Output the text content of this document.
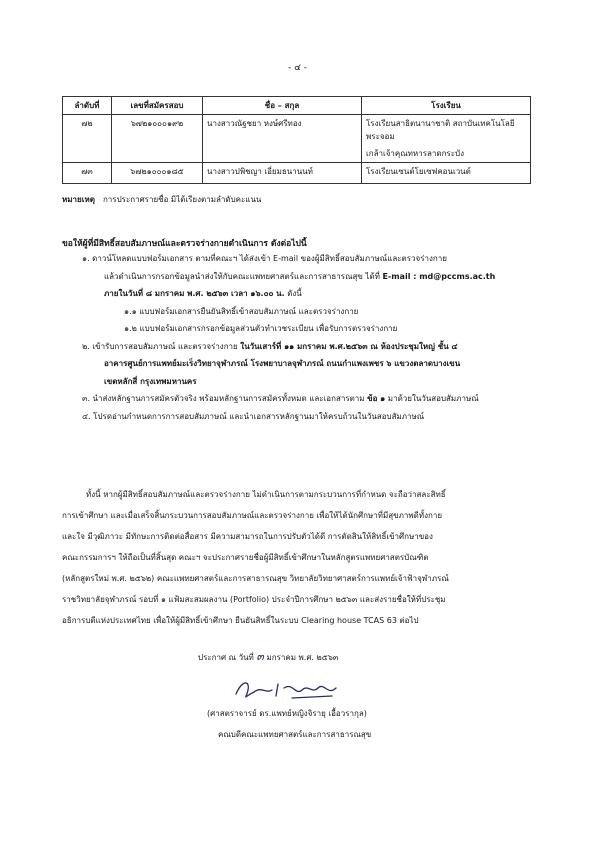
- ๔ -
ลำดับที่	เลขที่สมัครสอบ	ชื่อ – สกุล	โรงเรียน
๗๒	๖๗๒๑๐๐๐๑๙๒	นางสาวณัฐชยา หงษ์ศรีทอง	โรงเรียนสาธิตนานาชาติ สถาบันเทคโนโลยีพระจอม
เกล้าเจ้าคุณทหารลาดกระบัง

๗๓	๖๗๒๑๐๐๐๑๘๕	นางสาวปพิชญา เอี่ยมธนานนท์	โรงเรียนเซนต์โยเซฟคอนเวนต์
หมายเหตุ การประกาศรายชื่อ มิได้เรียงตามลำดับคะแนน
ขอให้ผู้ที่มีสิทธิ์สอบสัมภาษณ์และตรวจร่างกายดำเนินการ ดังต่อไปนี้
๑. ดาวน์โหลดแบบฟอร์มเอกสาร ตามที่คณะฯ ได้ส่งเข้า E-mail ของผู้มีสิทธิ์สอบสัมภาษณ์และตรวจร่างกาย
แล้วดำเนินการกรอกข้อมูลนำส่งให้กับคณะแพทยศาสตร์และการสาธารณสุข ได้ที่ E-mail : md@pccms.ac.th
ภายในวันที่ ๘ มกราคม พ.ศ. ๒๕๖๓ เวลา ๑๖.๐๐ น. ดังนี้
๑.๑ แบบฟอร์มเอกสารยืนยันสิทธิ์เข้าสอบสัมภาษณ์ และตรวจร่างกาย
๑.๒ แบบฟอร์มเอกสารกรอกข้อมูลส่วนตัวทำเวชระเบียน เพื่อรับการตรวจร่างกาย
๒. เข้ารับการสอบสัมภาษณ์ และตรวจร่างกาย ในวันเสาร์ที่ ๑๑ มกราคม พ.ศ.๒๕๖๓ ณ ห้องประชุมใหญ่ ชั้น ๔
อาคารศูนย์การแพทย์มะเร็งวิทยาจุฬาภรณ์ โรงพยาบาลจุฬาภรณ์ ถนนกำแพงเพชร ๖ แขวงตลาดบางเขน
เขตหลักสี่ กรุงเทพมหานคร
๓. นำส่งหลักฐานการสมัครตัวจริง พร้อมหลักฐานการสมัครทั้งหมด และเอกสารตาม ข้อ ๑ มาด้วยในวันสอบสัมภาษณ์
๔. โปรดอ่านกำหนดการการสอบสัมภาษณ์ และนำเอกสารหลักฐานมาให้ครบถ้วนในวันสอบสัมภาษณ์
ทั้งนี้ หากผู้มีสิทธิ์สอบสัมภาษณ์และตรวจร่างกาย ไม่ดำเนินการตามกระบวนการที่กำหนด จะถือว่าสละสิทธิ์
การเข้าศึกษา และเมื่อเสร็จสิ้นกระบวนการสอบสัมภาษณ์และตรวจร่างกาย เพื่อให้ได้นักศึกษาที่มีสุขภาพดีทั้งกาย
และใจ มีวุฒิภาวะ มีทักษะการติดต่อสื่อสาร มีความสามารถในการปรับตัวได้ดี การตัดสินให้สิทธิ์เข้าศึกษาของ
คณะกรรมการฯ ให้ถือเป็นที่สิ้นสุด คณะฯ จะประกาศรายชื่อผู้มีสิทธิ์เข้าศึกษาในหลักสูตรแพทยศาสตรบัณฑิต
(หลักสูตรใหม่ พ.ศ. ๒๕๖๒) คณะแพทยศาสตร์และการสาธารณสุข วิทยาลัยวิทยาศาสตร์การแพทย์เจ้าฟ้าจุฬาภรณ์
ราชวิทยาลัยจุฬาภรณ์ รอบที่ ๑ แฟ้มสะสมผลงาน (Portfolio) ประจำปีการศึกษา ๒๕๖๓ และส่งรายชื่อให้ที่ประชุม
อธิการบดีแห่งประเทศไทย เพื่อให้ผู้มีสิทธิ์เข้าศึกษา ยืนยันสิทธิ์ในระบบ Clearing house TCAS 63 ต่อไป
ประกาศ ณ วันที่ ๓ มกราคม พ.ศ. ๒๕๖๓
(ศาสตราจารย์ ดร.แพทย์หญิงจิรายุ เอื้อวรากุล)
คณบดีคณะแพทยศาสตร์และการสาธารณสุข
